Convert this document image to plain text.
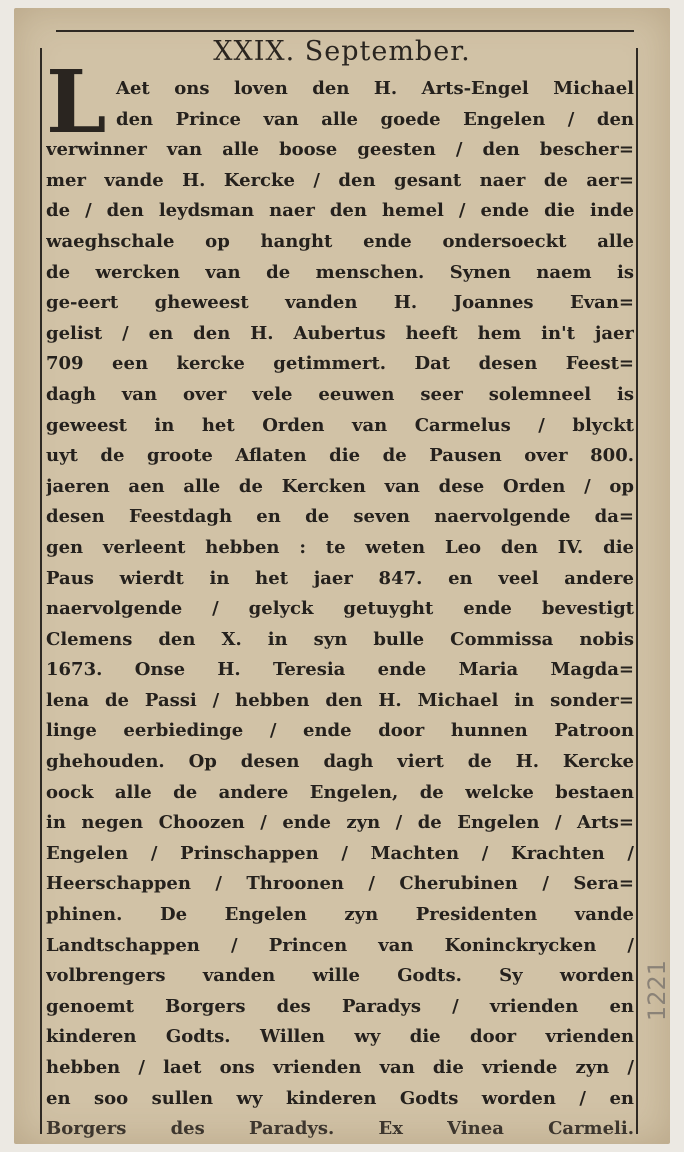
XXIX. September.
L Aet ons loven den H. Arts-Engel Michael
den Prince van alle goede Engelen / den
verwinner van alle boose geesten / den bescher=
mer vande H. Kercke / den gesant naer de aer=
de / den leydsman naer den hemel / ende die inde
waeghschale op hanght ende ondersoeckt alle
de wercken van de menschen. Synen naem is
ge-eert gheweest vanden H. Joannes Evan=
gelist / en den H. Aubertus heeft hem in't jaer
709 een kercke getimmert. Dat desen Feest=
dagh van over vele eeuwen seer solemneel is
geweest in het Orden van Carmelus / blyckt
uyt de groote Aflaten die de Pausen over 800.
jaeren aen alle de Kercken van dese Orden / op
desen Feestdagh en de seven naervolgende da=
gen verleent hebben : te weten Leo den IV. die
Paus wierdt in het jaer 847. en veel andere
naervolgende / gelyck getuyght ende bevestigt
Clemens den X. in syn bulle Commissa nobis
1673. Onse H. Teresia ende Maria Magda=
lena de Passi / hebben den H. Michael in sonder=
linge eerbiedinge / ende door hunnen Patroon
ghehouden. Op desen dagh viert de H. Kercke
oock alle de andere Engelen, de welcke bestaen
in negen Choozen / ende zyn / de Engelen / Arts=
Engelen / Prinschappen / Machten / Krachten /
Heerschappen / Throonen / Cherubinen / Sera=
phinen. De Engelen zyn Presidenten vande
Landtschappen / Princen van Koninckrycken /
volbrengers vanden wille Godts. Sy worden
genoemt Borgers des Paradys / vrienden en
kinderen Godts. Willen wy die door vrienden
hebben / laet ons vrienden van die vriende zyn /
en soo sullen wy kinderen Godts worden / en
Borgers des Paradys. Ex Vinea Carmeli.
1221
